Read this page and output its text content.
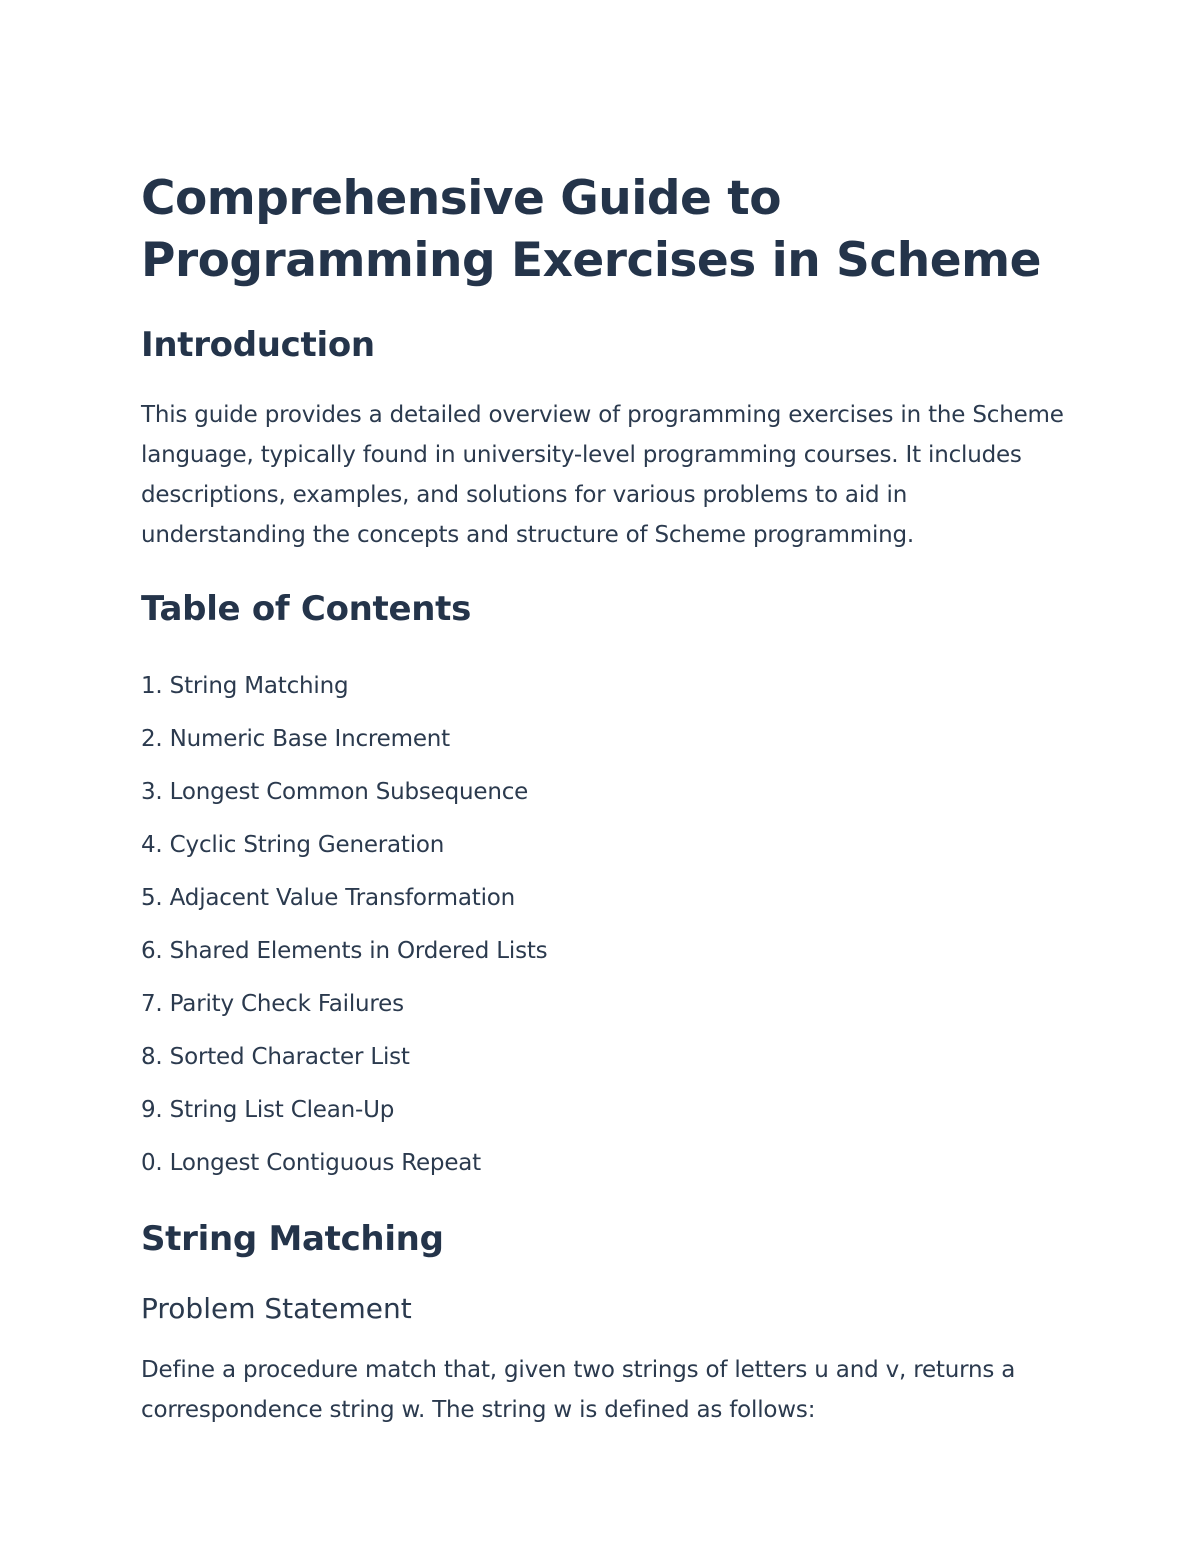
Comprehensive Guide to Programming Exercises in Scheme
Introduction

This guide provides a detailed overview of programming exercises in the Scheme language, typically found in university-level programming courses. It includes descriptions, examples, and solutions for various problems to aid in understanding the concepts and structure of Scheme programming.

Table of Contents
1. String Matching
2. Numeric Base Increment
3. Longest Common Subsequence
4. Cyclic String Generation
5. Adjacent Value Transformation
6. Shared Elements in Ordered Lists
7. Parity Check Failures
8. Sorted Character List
9. String List Clean-Up
0. Longest Contiguous Repeat
String Matching
Problem Statement

Define a procedure match that, given two strings of letters u and v, returns a correspondence string w. The string w is defined as follows:
